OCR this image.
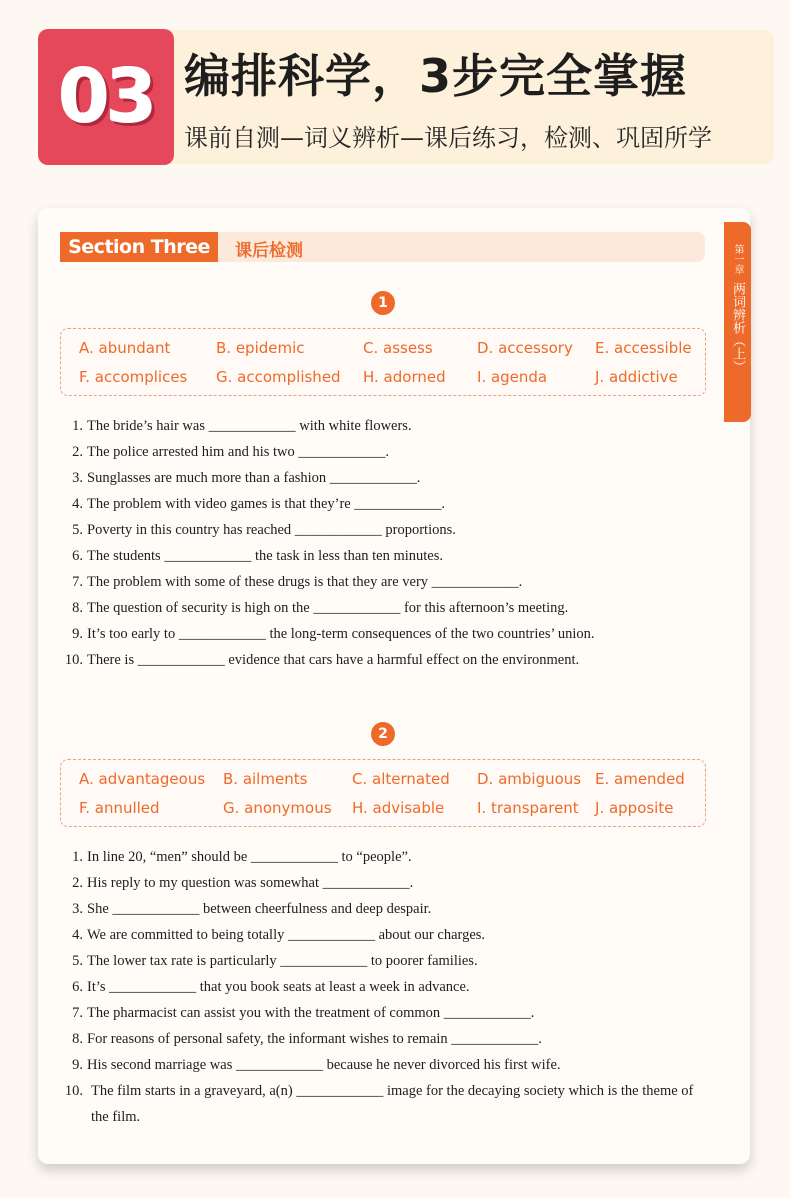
03 编排科学，3步完全掌握
课前自测—词义辨析—课后练习，检测、巩固所学
第一章
两词辨析（上）
Section Three	课后检测
1
A. abundant	B. epidemic	C. assess	D. accessory E. accessible
F. accomplices G. accomplished H. adorned I. agenda	J. addictive
1. The bride’s hair was ____________ with white flowers.
2. The police arrested him and his two ____________.
3. Sunglasses are much more than a fashion ____________.
4. The problem with video games is that they’re ____________.
5. Poverty in this country has reached ____________ proportions.
6. The students ____________ the task in less than ten minutes.
7. The problem with some of these drugs is that they are very ____________.
8. The question of security is high on the ____________ for this afternoon’s meeting.
9. It’s too early to ____________ the long-term consequences of the two countries’ union.
10. There is ____________ evidence that cars have a harmful effect on the environment.
2
A. advantageous B. ailments	C. alternated D. ambiguous E. amended
F. annulled	G. anonymous H. advisable I. transparent J. apposite
1. In line 20, “men” should be ____________ to “people”.
2. His reply to my question was somewhat ____________.
3. She ____________ between cheerfulness and deep despair.
4. We are committed to being totally ____________ about our charges.
5. The lower tax rate is particularly ____________ to poorer families.
6. It’s ____________ that you book seats at least a week in advance.
7. The pharmacist can assist you with the treatment of common ____________.
8. For reasons of personal safety, the informant wishes to remain ____________.
9. His second marriage was ____________ because he never divorced his first wife.
10. The film starts in a graveyard, a(n) ____________ image for the decaying society which is the theme of the film.
